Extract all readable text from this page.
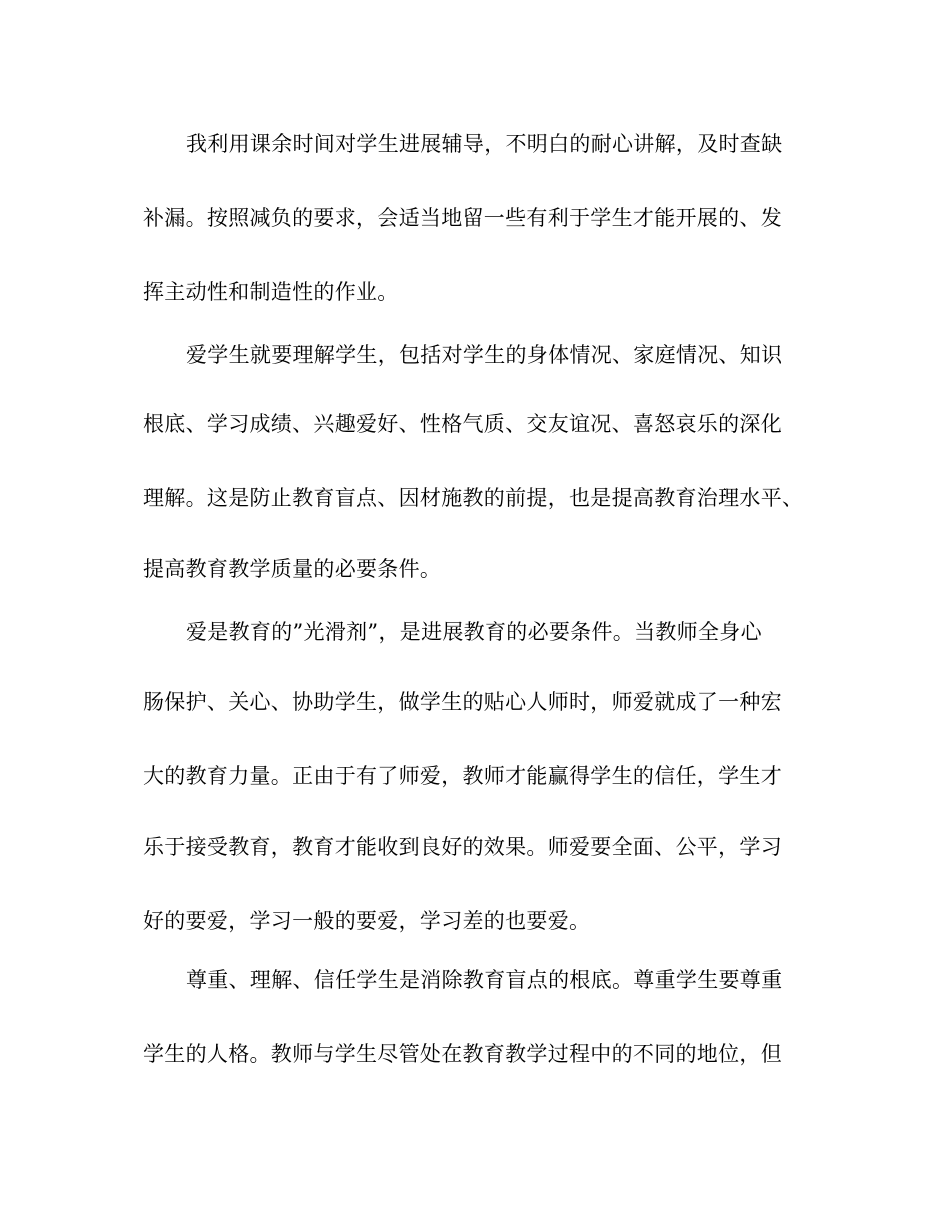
我利用课余时间对学生进展辅导，不明白的耐心讲解，及时查缺
补漏。按照减负的要求，会适当地留一些有利于学生才能开展的、发
挥主动性和制造性的作业。
爱学生就要理解学生，包括对学生的身体情况、家庭情况、知识
根底、学习成绩、兴趣爱好、性格气质、交友谊况、喜怒哀乐的深化
理解。这是防止教育盲点、因材施教的前提，也是提高教育治理水平、
提高教育教学质量的必要条件。
爱是教育的”光滑剂”，是进展教育的必要条件。当教师全身心
肠保护、关心、协助学生，做学生的贴心人师时，师爱就成了一种宏
大的教育力量。正由于有了师爱，教师才能赢得学生的信任，学生才
乐于接受教育，教育才能收到良好的效果。师爱要全面、公平，学习
好的要爱，学习一般的要爱，学习差的也要爱。
尊重、理解、信任学生是消除教育盲点的根底。尊重学生要尊重
学生的人格。教师与学生尽管处在教育教学过程中的不同的地位，但
